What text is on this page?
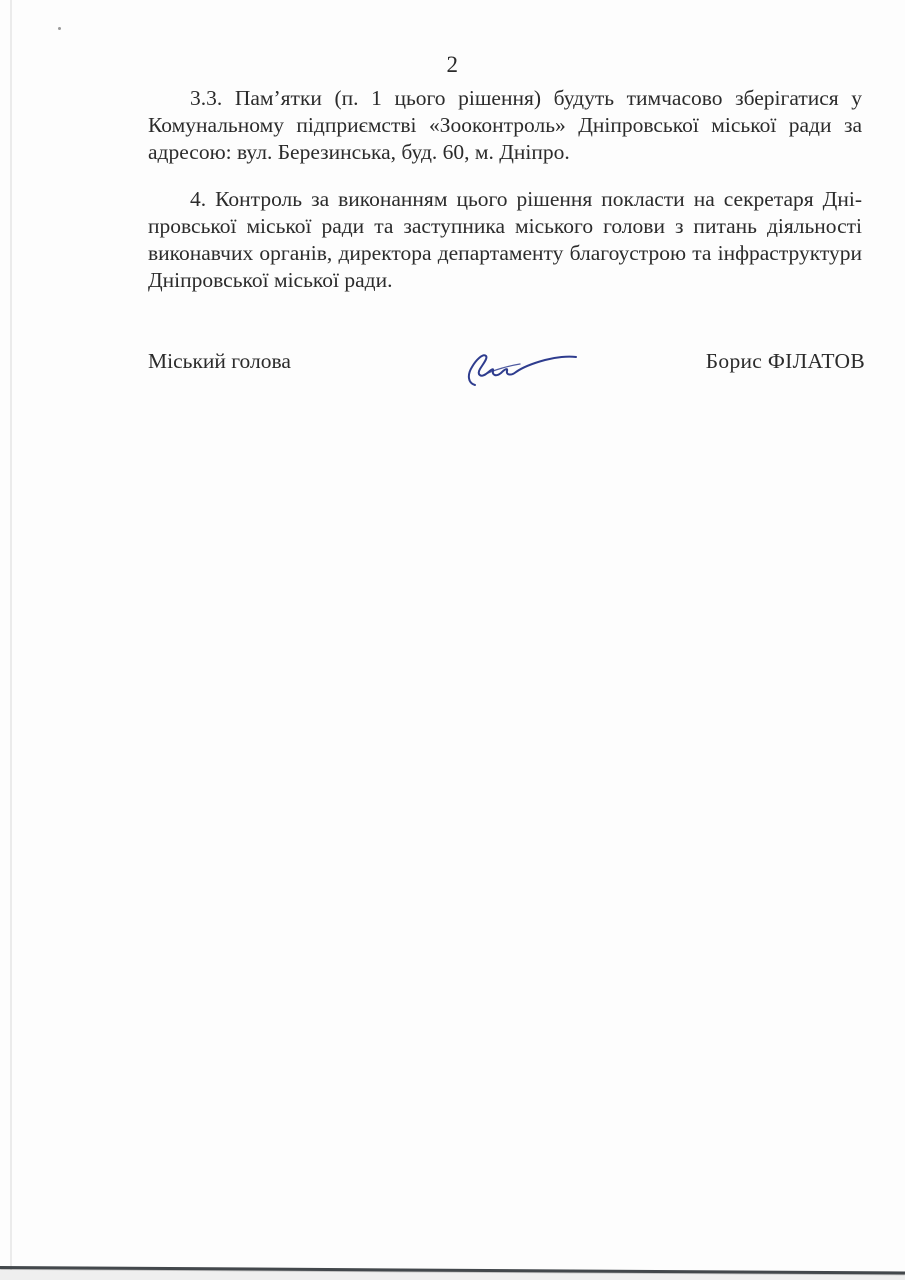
2
3.3. Пам’ятки (п. 1 цього рішення) будуть тимчасово зберігатися у
Комунальному підприємстві «Зооконтроль» Дніпровської міської ради за
адресою: вул. Березинська, буд. 60, м. Дніпро.
4. Контроль за виконанням цього рішення покласти на секретаря Дні-
провської міської ради та заступника міського голови з питань діяльності
виконавчих органів, директора департаменту благоустрою та інфраструктури
Дніпровської міської ради.
Міський голова	Борис ФІЛАТОВ
